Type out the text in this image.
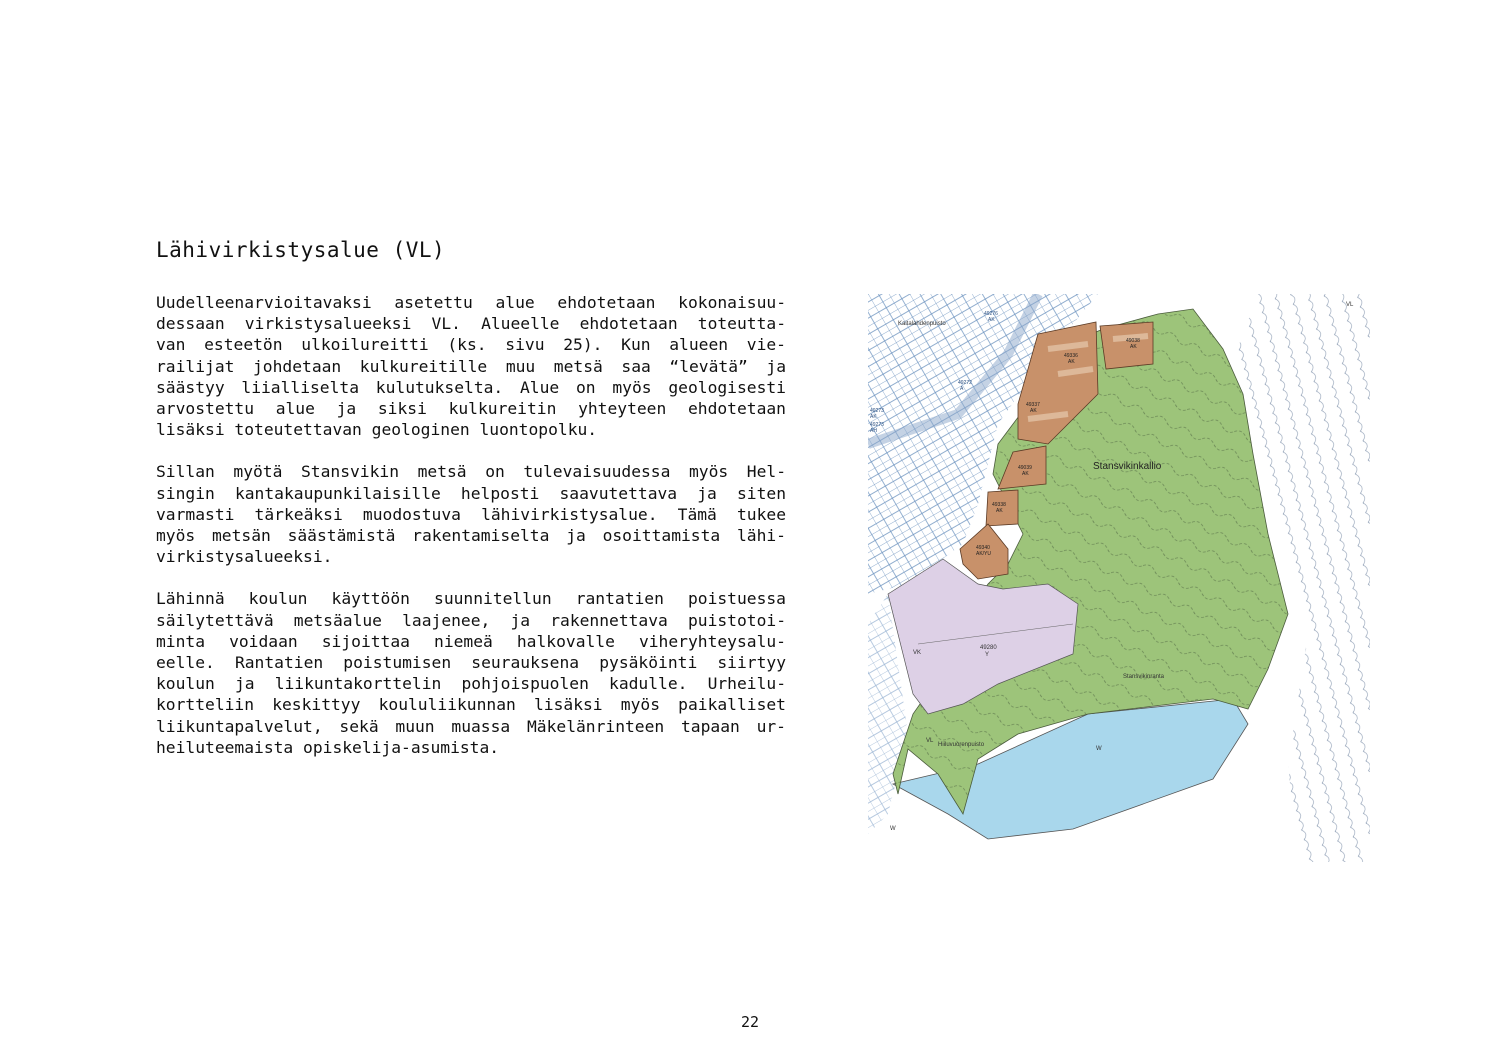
Lähivirkistysalue (VL)

Uudelleenarvioitavaksi asetettu alue ehdotetaan kokonaisuu-
dessaan virkistysalueeksi VL. Alueelle ehdotetaan toteutta-
van esteetön ulkoilureitti (ks. sivu 25). Kun alueen vie-
railijat johdetaan kulkureitille muu metsä saa “levätä” ja
säästyy liialliselta kulutukselta. Alue on myös geologisesti
arvostettu alue ja siksi kulkureitin yhteyteen ehdotetaan
lisäksi toteutettavan geologinen luontopolku.

Sillan myötä Stansvikin metsä on tulevaisuudessa myös Hel-
singin kantakaupunkilaisille helposti saavutettava ja siten
varmasti tärkeäksi muodostuva lähivirkistysalue. Tämä tukee
myös metsän säästämistä rakentamiselta ja osoittamista lähi-
virkistysalueeksi.

Lähinnä koulun käyttöön suunnitellun rantatien poistuessa
säilytettävä metsäalue laajenee, ja rakennettava puistotoi-
minta voidaan sijoittaa niemeä halkovalle viheryhteysalu-
eelle. Rantatien poistumisen seurauksena pysäköinti siirtyy
koulun ja liikuntakorttelin pohjoispuolen kadulle. Urheilu-
kortteliin keskittyy koululiikunnan lisäksi myös paikalliset
liikuntapalvelut, sekä muun muassa Mäkelänrinteen tapaan ur-
heiluteemaista opiskelija-asumista.

Stansvikinkallio
Stansvikinranta
Hiiluvuorenpuisto
Kaitalahdenpuisto
W
W
VL
VL
VK
49280
Y
49336
AK
49038
AK
49337
AK
49338
AK
49340
AK/YU
49039
AK
49276
AK
49272
A
49273
AK
49273
AH
22
